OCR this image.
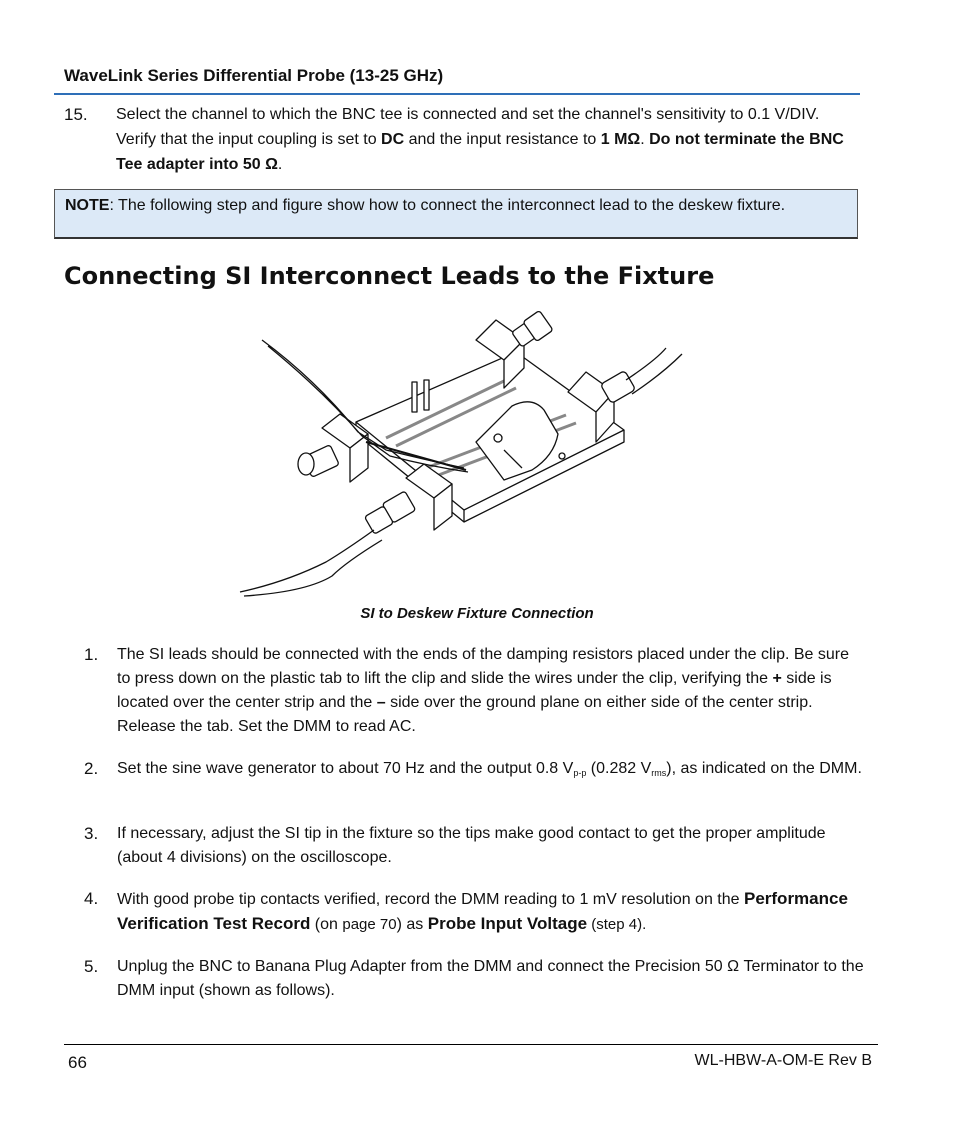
WaveLink Series Differential Probe (13-25 GHz)
15. Select the channel to which the BNC tee is connected and set the channel's sensitivity to 0.1 V/DIV. Verify that the input coupling is set to DC and the input resistance to 1 MΩ. Do not terminate the BNC Tee adapter into 50 Ω.
NOTE: The following step and figure show how to connect the interconnect lead to the deskew fixture.
Connecting SI Interconnect Leads to the Fixture
SI to Deskew Fixture Connection
1. The SI leads should be connected with the ends of the damping resistors placed under the clip. Be sure to press down on the plastic tab to lift the clip and slide the wires under the clip, verifying the + side is located over the center strip and the – side over the ground plane on either side of the center strip. Release the tab. Set the DMM to read AC.
2. Set the sine wave generator to about 70 Hz and the output 0.8 $V_{p-p}$ (0.282 $V_{rms}$), as indicated on the DMM.
3. If necessary, adjust the SI tip in the fixture so the tips make good contact to get the proper amplitude (about 4 divisions) on the oscilloscope.
4. With good probe tip contacts verified, record the DMM reading to 1 mV resolution on the Performance Verification Test Record (on page 70) as Probe Input Voltage (step 4).
5. Unplug the BNC to Banana Plug Adapter from the DMM and connect the Precision 50 Ω Terminator to the DMM input (shown as follows).
66	WL-HBW-A-OM-E Rev B
